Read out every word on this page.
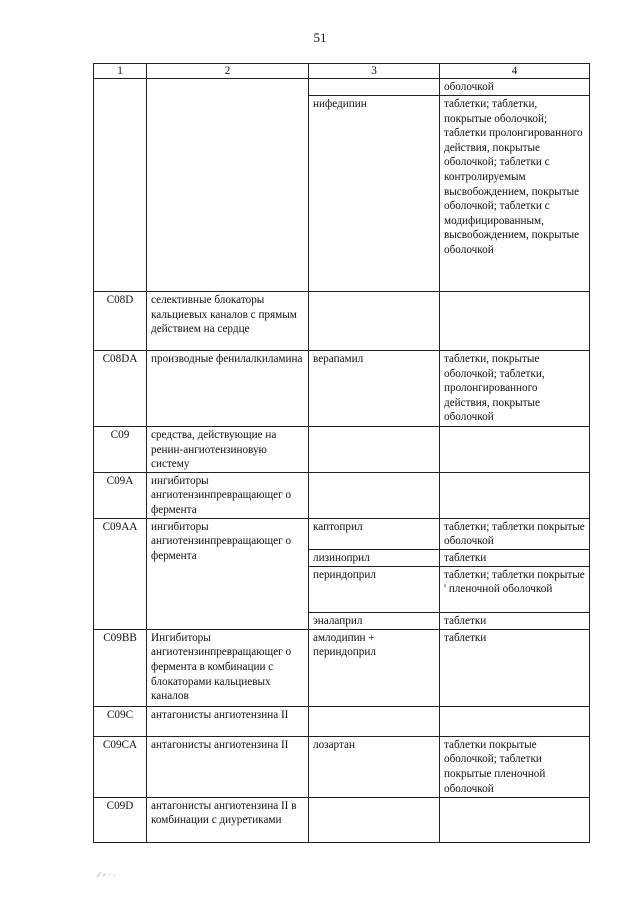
51
1	2	3	4
			оболочкой
		нифедипин	таблетки; таблетки, покрытые оболочкой; таблетки пролонгированного действия, покрытые оболочкой; таблетки с контролируемым высвобождением, покрытые оболочкой; таблетки с модифицированным, высвобождением, покрытые оболочкой
C08D	селективные блокаторы кальциевых каналов с прямым действием на сердце		
C08DA	производные фенилалкиламина	верапамил	таблетки, покрытые оболочкой; таблетки, пролонгированного действия, покрытые оболочкой
C09	средства, действующие на ренин-ангиотензиновую систему		
C09A	ингибиторы ангиотензинпревращающег о фермента		
C09AA	ингибиторы ангиотензинпревращающег о фермента	каптоприл	таблетки; таблетки покрытые оболочкой
		лизиноприл	таблетки
		периндоприл	таблетки; таблетки покрытые ' пленочной оболочкой
		эналаприл	таблетки
C09BB	Ингибиторы ангиотензинпревращающег о фермента в комбинации с блокаторами кальциевых каналов	амлодипин + периндоприл	таблетки
C09C	антагонисты ангиотензина II		
C09CA	антагонисты ангиотензина II	лозартан	таблетки покрытые оболочкой; таблетки покрытые пленочной оболочкой
C09D	антагонисты ангиотензина II в комбинации с диуретиками		
